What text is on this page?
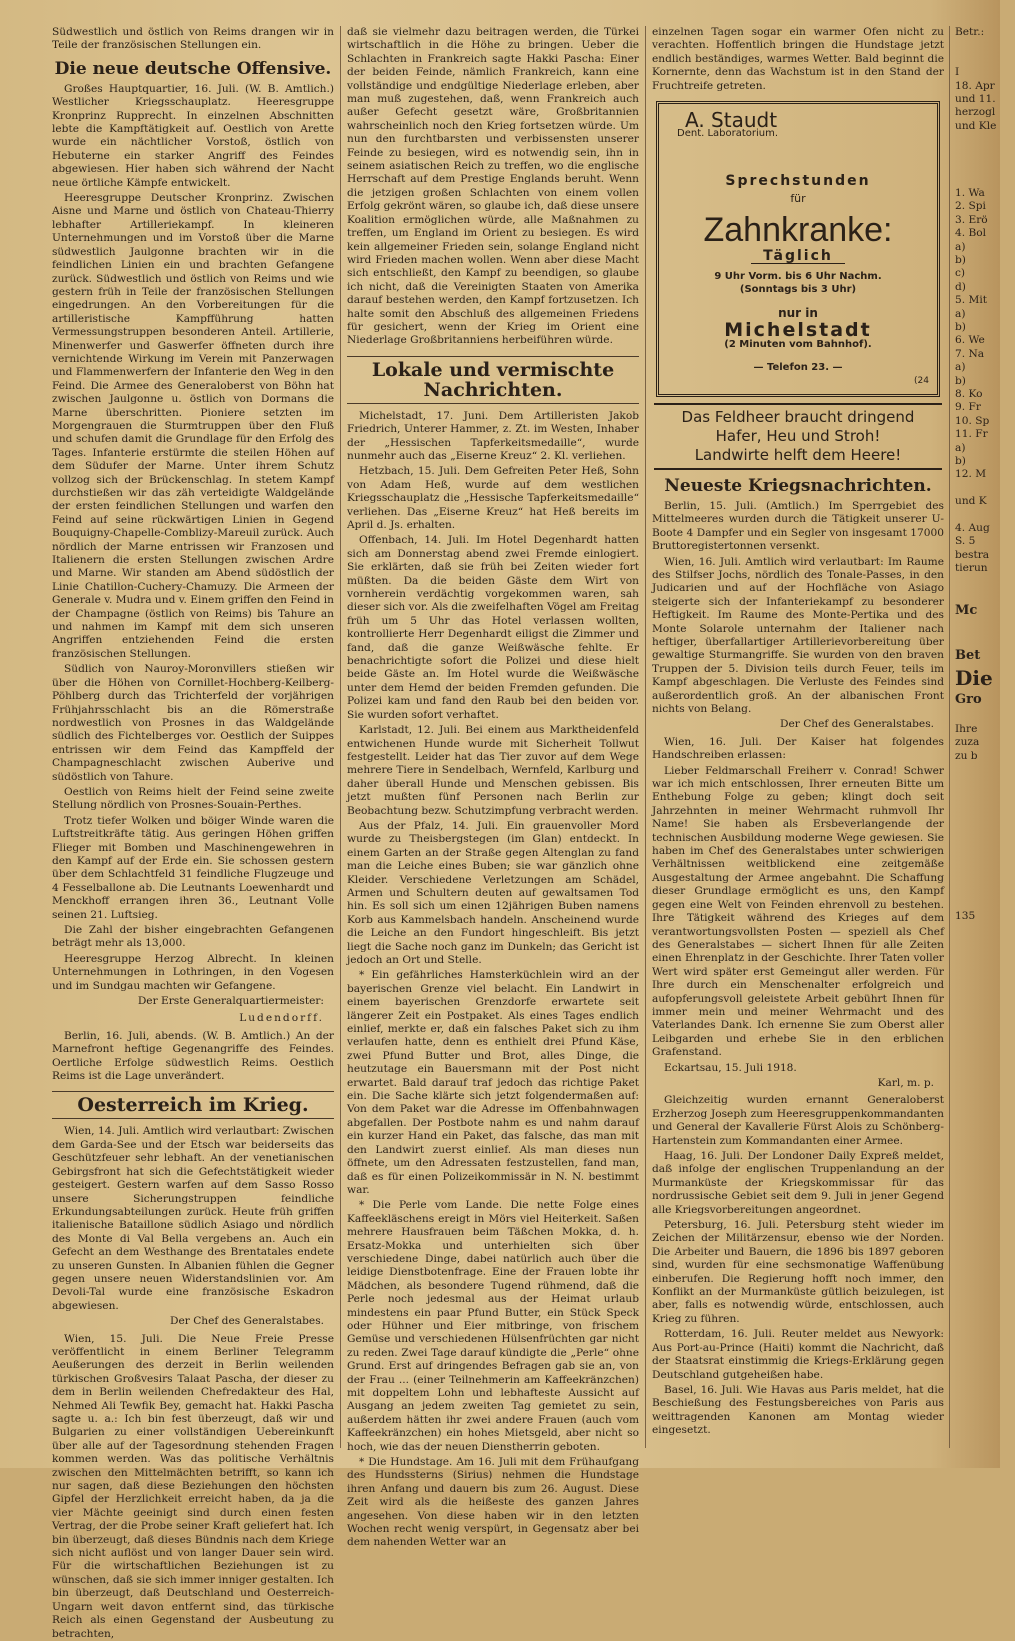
Südwestlich und östlich von Reims drangen wir in Teile der französischen Stellungen ein.

Die neue deutsche Offensive.

Großes Hauptquartier, 16. Juli. (W. B. Amtlich.) Westlicher Kriegsschauplatz. Heeresgruppe Kronprinz Rupprecht. In einzelnen Abschnitten lebte die Kampftätigkeit auf. Oestlich von Arette wurde ein nächtlicher Vorstoß, östlich von Hebuterne ein starker Angriff des Feindes abgewiesen. Hier haben sich während der Nacht neue örtliche Kämpfe entwickelt.

Heeresgruppe Deutscher Kronprinz. Zwischen Aisne und Marne und östlich von Chateau-Thierry lebhafter Artilleriekampf. In kleineren Unternehmungen und im Vorstoß über die Marne südwestlich Jaulgonne brachten wir in die feindlichen Linien ein und brachten Gefangene zurück. Südwestlich und östlich von Reims und wie gestern früh in Teile der französischen Stellungen eingedrungen. An den Vorbereitungen für die artilleristische Kampfführung hatten Vermessungstruppen besonderen Anteil. Artillerie, Minenwerfer und Gaswerfer öffneten durch ihre vernichtende Wirkung im Verein mit Panzerwagen und Flammenwerfern der Infanterie den Weg in den Feind. Die Armee des Generaloberst von Böhn hat zwischen Jaulgonne u. östlich von Dormans die Marne überschritten. Pioniere setzten im Morgengrauen die Sturmtruppen über den Fluß und schufen damit die Grundlage für den Erfolg des Tages. Infanterie erstürmte die steilen Höhen auf dem Südufer der Marne. Unter ihrem Schutz vollzog sich der Brückenschlag. In stetem Kampf durchstießen wir das zäh verteidigte Waldgelände der ersten feindlichen Stellungen und warfen den Feind auf seine rückwärtigen Linien in Gegend Bouquigny-Chapelle-Comblizy-Mareuil zurück. Auch nördlich der Marne entrissen wir Franzosen und Italienern die ersten Stellungen zwischen Ardre und Marne. Wir standen am Abend südöstlich der Linie Chatillon-Cuchery-Chamuzy. Die Armeen der Generale v. Mudra und v. Einem griffen den Feind in der Champagne (östlich von Reims) bis Tahure an und nahmen im Kampf mit dem sich unseren Angriffen entziehenden Feind die ersten französischen Stellungen.

Südlich von Nauroy-Moronvillers stießen wir über die Höhen von Cornillet-Hochberg-Keilberg-Pöhlberg durch das Trichterfeld der vorjährigen Frühjahrsschlacht bis an die Römerstraße nordwestlich von Prosnes in das Waldgelände südlich des Fichtelberges vor. Oestlich der Suippes entrissen wir dem Feind das Kampffeld der Champagneschlacht zwischen Auberive und südöstlich von Tahure.

Oestlich von Reims hielt der Feind seine zweite Stellung nördlich von Prosnes-Souain-Perthes.

Trotz tiefer Wolken und böiger Winde waren die Luftstreitkräfte tätig. Aus geringen Höhen griffen Flieger mit Bomben und Maschinengewehren in den Kampf auf der Erde ein. Sie schossen gestern über dem Schlachtfeld 31 feindliche Flugzeuge und 4 Fesselballone ab. Die Leutnants Loewenhardt und Menckhoff errangen ihren 36., Leutnant Volle seinen 21. Luftsieg.

Die Zahl der bisher eingebrachten Gefangenen beträgt mehr als 13,000.

Heeresgruppe Herzog Albrecht. In kleinen Unternehmungen in Lothringen, in den Vogesen und im Sundgau machten wir Gefangene.

Der Erste Generalquartiermeister:
Ludendorff.

Berlin, 16. Juli, abends. (W. B. Amtlich.) An der Marnefront heftige Gegenangriffe des Feindes. Oertliche Erfolge südwestlich Reims. Oestlich Reims ist die Lage unverändert.

Oesterreich im Krieg.

Wien, 14. Juli. Amtlich wird verlautbart: Zwischen dem Garda-See und der Etsch war beiderseits das Geschützfeuer sehr lebhaft. An der venetianischen Gebirgsfront hat sich die Gefechtstätigkeit wieder gesteigert. Gestern warfen auf dem Sasso Rosso unsere Sicherungstruppen feindliche Erkundungsabteilungen zurück. Heute früh griffen italienische Bataillone südlich Asiago und nördlich des Monte di Val Bella vergebens an. Auch ein Gefecht an dem Westhange des Brentatales endete zu unseren Gunsten. In Albanien fühlen die Gegner gegen unsere neuen Widerstandslinien vor. Am Devoli-Tal wurde eine französische Eskadron abgewiesen.

Der Chef des Generalstabes.

Wien, 15. Juli. Die Neue Freie Presse veröffentlicht in einem Berliner Telegramm Aeußerungen des derzeit in Berlin weilenden türkischen Großvesirs Talaat Pascha, der dieser zu dem in Berlin weilenden Chefredakteur des Hal, Nehmed Ali Tewfik Bey, gemacht hat. Hakki Pascha sagte u. a.: Ich bin fest überzeugt, daß wir und Bulgarien zu einer vollständigen Uebereinkunft über alle auf der Tagesordnung stehenden Fragen kommen werden. Was das politische Verhältnis zwischen den Mittelmächten betrifft, so kann ich nur sagen, daß diese Beziehungen den höchsten Gipfel der Herzlichkeit erreicht haben, da ja die vier Mächte geeinigt sind durch einen festen Vertrag, der die Probe seiner Kraft geliefert hat. Ich bin überzeugt, daß dieses Bündnis nach dem Kriege sich nicht auflöst und von langer Dauer sein wird. Für die wirtschaftlichen Beziehungen ist zu wünschen, daß sie sich immer inniger gestalten. Ich bin überzeugt, daß Deutschland und Oesterreich-Ungarn weit davon entfernt sind, das türkische Reich als einen Gegenstand der Ausbeutung zu betrachten,

daß sie vielmehr dazu beitragen werden, die Türkei wirtschaftlich in die Höhe zu bringen. Ueber die Schlachten in Frankreich sagte Hakki Pascha: Einer der beiden Feinde, nämlich Frankreich, kann eine vollständige und endgültige Niederlage erleben, aber man muß zugestehen, daß, wenn Frankreich auch außer Gefecht gesetzt wäre, Großbritannien wahrscheinlich noch den Krieg fortsetzen würde. Um nun den furchtbarsten und verbissensten unserer Feinde zu besiegen, wird es notwendig sein, ihn in seinem asiatischen Reich zu treffen, wo die englische Herrschaft auf dem Prestige Englands beruht. Wenn die jetzigen großen Schlachten von einem vollen Erfolg gekrönt wären, so glaube ich, daß diese unsere Koalition ermöglichen würde, alle Maßnahmen zu treffen, um England im Orient zu besiegen. Es wird kein allgemeiner Frieden sein, solange England nicht wird Frieden machen wollen. Wenn aber diese Macht sich entschließt, den Kampf zu beendigen, so glaube ich nicht, daß die Vereinigten Staaten von Amerika darauf bestehen werden, den Kampf fortzusetzen. Ich halte somit den Abschluß des allgemeinen Friedens für gesichert, wenn der Krieg im Orient eine Niederlage Großbritanniens herbeiführen würde.

Lokale und vermischte Nachrichten.

Michelstadt, 17. Juni. Dem Artilleristen Jakob Friedrich, Unterer Hammer, z. Zt. im Westen, Inhaber der „Hessischen Tapferkeitsmedaille“, wurde nunmehr auch das „Eiserne Kreuz“ 2. Kl. verliehen.

Hetzbach, 15. Juli. Dem Gefreiten Peter Heß, Sohn von Adam Heß, wurde auf dem westlichen Kriegsschauplatz die „Hessische Tapferkeitsmedaille“ verliehen. Das „Eiserne Kreuz“ hat Heß bereits im April d. Js. erhalten.

Offenbach, 14. Juli. Im Hotel Degenhardt hatten sich am Donnerstag abend zwei Fremde einlogiert. Sie erklärten, daß sie früh bei Zeiten wieder fort müßten. Da die beiden Gäste dem Wirt von vornherein verdächtig vorgekommen waren, sah dieser sich vor. Als die zweifelhaften Vögel am Freitag früh um 5 Uhr das Hotel verlassen wollten, kontrollierte Herr Degenhardt eiligst die Zimmer und fand, daß die ganze Weißwäsche fehlte. Er benachrichtigte sofort die Polizei und diese hielt beide Gäste an. Im Hotel wurde die Weißwäsche unter dem Hemd der beiden Fremden gefunden. Die Polizei kam und fand den Raub bei den beiden vor. Sie wurden sofort verhaftet.

Karlstadt, 12. Juli. Bei einem aus Marktheidenfeld entwichenen Hunde wurde mit Sicherheit Tollwut festgestellt. Leider hat das Tier zuvor auf dem Wege mehrere Tiere in Sendelbach, Wernfeld, Karlburg und daher überall Hunde und Menschen gebissen. Bis jetzt mußten fünf Personen nach Berlin zur Beobachtung bezw. Schutzimpfung verbracht werden.

Aus der Pfalz, 14. Juli. Ein grauenvoller Mord wurde zu Theisbergstegen (im Glan) entdeckt. In einem Garten an der Straße gegen Altenglan zu fand man die Leiche eines Buben; sie war gänzlich ohne Kleider. Verschiedene Verletzungen am Schädel, Armen und Schultern deuten auf gewaltsamen Tod hin. Es soll sich um einen 12jährigen Buben namens Korb aus Kammelsbach handeln. Anscheinend wurde die Leiche an den Fundort hingeschleift. Bis jetzt liegt die Sache noch ganz im Dunkeln; das Gericht ist jedoch an Ort und Stelle.

* Ein gefährliches Hamsterküchlein wird an der bayerischen Grenze viel belacht. Ein Landwirt in einem bayerischen Grenzdorfe erwartete seit längerer Zeit ein Postpaket. Als eines Tages endlich einlief, merkte er, daß ein falsches Paket sich zu ihm verlaufen hatte, denn es enthielt drei Pfund Käse, zwei Pfund Butter und Brot, alles Dinge, die heutzutage ein Bauersmann mit der Post nicht erwartet. Bald darauf traf jedoch das richtige Paket ein. Die Sache klärte sich jetzt folgendermaßen auf: Von dem Paket war die Adresse im Offenbahnwagen abgefallen. Der Postbote nahm es und nahm darauf ein kurzer Hand ein Paket, das falsche, das man mit den Landwirt zuerst einlief. Als man dieses nun öffnete, um den Adressaten festzustellen, fand man, daß es für einen Polizeikommissär in N. N. bestimmt war.

* Die Perle vom Lande. Die nette Folge eines Kaffeekläschens ereigt in Mörs viel Heiterkeit. Saßen mehrere Hausfrauen beim Täßchen Mokka, d. h. Ersatz-Mokka und unterhielten sich über verschiedene Dinge, dabei natürlich auch über die leidige Dienstbotenfrage. Eine der Frauen lobte ihr Mädchen, als besondere Tugend rühmend, daß die Perle noch jedesmal aus der Heimat urlaub mindestens ein paar Pfund Butter, ein Stück Speck oder Hühner und Eier mitbringe, von frischem Gemüse und verschiedenen Hülsenfrüchten gar nicht zu reden. Zwei Tage darauf kündigte die „Perle“ ohne Grund. Erst auf dringendes Befragen gab sie an, von der Frau ... (einer Teilnehmerin am Kaffeekränzchen) mit doppeltem Lohn und lebhafteste Aussicht auf Ausgang an jedem zweiten Tag gemietet zu sein, außerdem hätten ihr zwei andere Frauen (auch vom Kaffeekränzchen) ein hohes Mietsgeld, aber nicht so hoch, wie das der neuen Dienstherrin geboten.

* Die Hundstage. Am 16. Juli mit dem Frühaufgang des Hundssterns (Sirius) nehmen die Hundstage ihren Anfang und dauern bis zum 26. August. Diese Zeit wird als die heißeste des ganzen Jahres angesehen. Von diese haben wir in den letzten Wochen recht wenig verspürt, in Gegensatz aber bei dem nahenden Wetter war an

einzelnen Tagen sogar ein warmer Ofen nicht zu verachten. Hoffentlich bringen die Hundstage jetzt endlich beständiges, warmes Wetter. Bald beginnt die Kornernte, denn das Wachstum ist in den Stand der Fruchtreife getreten.

A. Staudt
Dent. Laboratorium.
Sprechstunden
für
Zahnkranke:
Täglich
9 Uhr Vorm. bis 6 Uhr Nachm.
(Sonntags bis 3 Uhr)
nur in
Michelstadt
(2 Minuten vom Bahnhof).
— Telefon 23. —
(24
Das Feldheer braucht dringend
Hafer, Heu und Stroh!
Landwirte helft dem Heere!
Neueste Kriegsnachrichten.

Berlin, 15. Juli. (Amtlich.) Im Sperrgebiet des Mittelmeeres wurden durch die Tätigkeit unserer U-Boote 4 Dampfer und ein Segler von insgesamt 17000 Bruttoregistertonnen versenkt.

Wien, 16. Juli. Amtlich wird verlautbart: Im Raume des Stilfser Jochs, nördlich des Tonale-Passes, in den Judicarien und auf der Hochfläche von Asiago steigerte sich der Infanteriekampf zu besonderer Heftigkeit. Im Raume des Monte-Pertika und des Monte Solarole unternahm der Italiener nach heftiger, überfallartiger Artillerievorbereitung über gewaltige Sturmangriffe. Sie wurden von den braven Truppen der 5. Division teils durch Feuer, teils im Kampf abgeschlagen. Die Verluste des Feindes sind außerordentlich groß. An der albanischen Front nichts von Belang.

Der Chef des Generalstabes.

Wien, 16. Juli. Der Kaiser hat folgendes Handschreiben erlassen:

Lieber Feldmarschall Freiherr v. Conrad! Schwer war ich mich entschlossen, Ihrer erneuten Bitte um Enthebung Folge zu geben; klingt doch seit Jahrzehnten in meiner Wehrmacht ruhmvoll Ihr Name! Sie haben als Ersbeverlangende der technischen Ausbildung moderne Wege gewiesen. Sie haben im Chef des Generalstabes unter schwierigen Verhältnissen weitblickend eine zeitgemäße Ausgestaltung der Armee angebahnt. Die Schaffung dieser Grundlage ermöglicht es uns, den Kampf gegen eine Welt von Feinden ehrenvoll zu bestehen. Ihre Tätigkeit während des Krieges auf dem verantwortungsvollsten Posten — speziell als Chef des Generalstabes — sichert Ihnen für alle Zeiten einen Ehrenplatz in der Geschichte. Ihrer Taten voller Wert wird später erst Gemeingut aller werden. Für Ihre durch ein Menschenalter erfolgreich und aufopferungsvoll geleistete Arbeit gebührt Ihnen für immer mein und meiner Wehrmacht und des Vaterlandes Dank. Ich ernenne Sie zum Oberst aller Leibgarden und erhebe Sie in den erblichen Grafenstand.

Eckartsau, 15. Juli 1918.

Karl, m. p.

Gleichzeitig wurden ernannt Generaloberst Erzherzog Joseph zum Heeresgruppenkommandanten und General der Kavallerie Fürst Alois zu Schönberg-Hartenstein zum Kommandanten einer Armee.

Haag, 16. Juli. Der Londoner Daily Expreß meldet, daß infolge der englischen Truppenlandung an der Murmanküste der Kriegskommissar für das nordrussische Gebiet seit dem 9. Juli in jener Gegend alle Kriegsvorbereitungen angeordnet.

Petersburg, 16. Juli. Petersburg steht wieder im Zeichen der Militärzensur, ebenso wie der Norden. Die Arbeiter und Bauern, die 1896 bis 1897 geboren sind, wurden für eine sechsmonatige Waffenübung einberufen. Die Regierung hofft noch immer, den Konflikt an der Murmanküste gütlich beizulegen, ist aber, falls es notwendig würde, entschlossen, auch Krieg zu führen.

Rotterdam, 16. Juli. Reuter meldet aus Newyork: Aus Port-au-Prince (Haiti) kommt die Nachricht, daß der Staatsrat einstimmig die Kriegs-Erklärung gegen Deutschland gutgeheißen habe.

Basel, 16. Juli. Wie Havas aus Paris meldet, hat die Beschießung des Festungsbereiches von Paris aus weittragenden Kanonen am Montag wieder eingesetzt.

Betr.:

I
18. Apr
und 11.
herzogl
und Kle

1. Wa
2. Spi
3. Erö
4. Bol
a)
b)
c)
d)
5. Mit
a)
b)
6. We
7. Na
a)
b)
8. Ko
9. Fr
10. Sp
11. Fr
a)
b)
12. M

und K

4. Aug
S. 5
bestra
tierun

Mc

Bet
Die
Gro

Ihre
zuza
zu b

135
